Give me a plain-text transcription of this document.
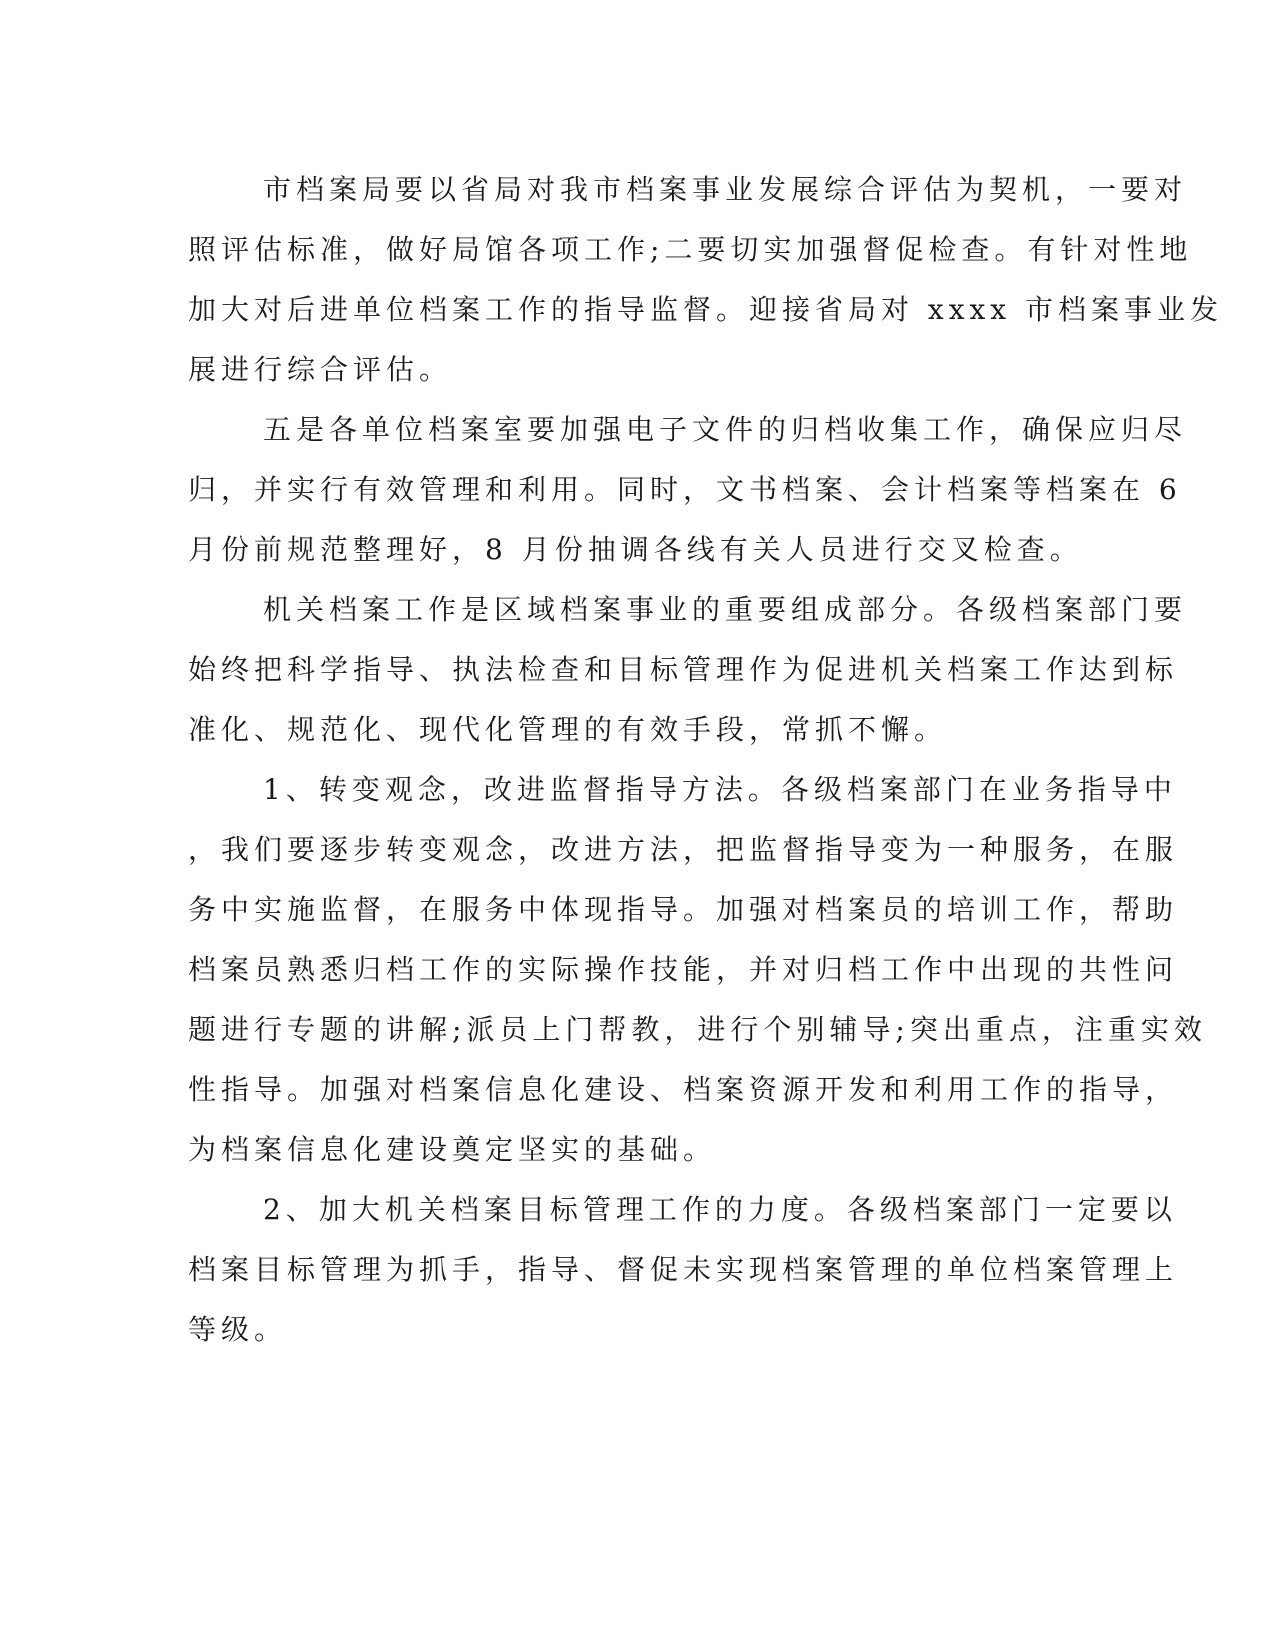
市档案局要以省局对我市档案事业发展综合评估为契机，一要对
照评估标准，做好局馆各项工作;二要切实加强督促检查。有针对性地
加大对后进单位档案工作的指导监督。迎接省局对 xxxx 市档案事业发
展进行综合评估。
五是各单位档案室要加强电子文件的归档收集工作，确保应归尽
归，并实行有效管理和利用。同时，文书档案、会计档案等档案在 6
月份前规范整理好，8 月份抽调各线有关人员进行交叉检查。
机关档案工作是区域档案事业的重要组成部分。各级档案部门要
始终把科学指导、执法检查和目标管理作为促进机关档案工作达到标
准化、规范化、现代化管理的有效手段，常抓不懈。
1、转变观念，改进监督指导方法。各级档案部门在业务指导中
，我们要逐步转变观念，改进方法，把监督指导变为一种服务，在服
务中实施监督，在服务中体现指导。加强对档案员的培训工作，帮助
档案员熟悉归档工作的实际操作技能，并对归档工作中出现的共性问
题进行专题的讲解;派员上门帮教，进行个别辅导;突出重点，注重实效
性指导。加强对档案信息化建设、档案资源开发和利用工作的指导，
为档案信息化建设奠定坚实的基础。
2、加大机关档案目标管理工作的力度。各级档案部门一定要以
档案目标管理为抓手，指导、督促未实现档案管理的单位档案管理上
等级。
